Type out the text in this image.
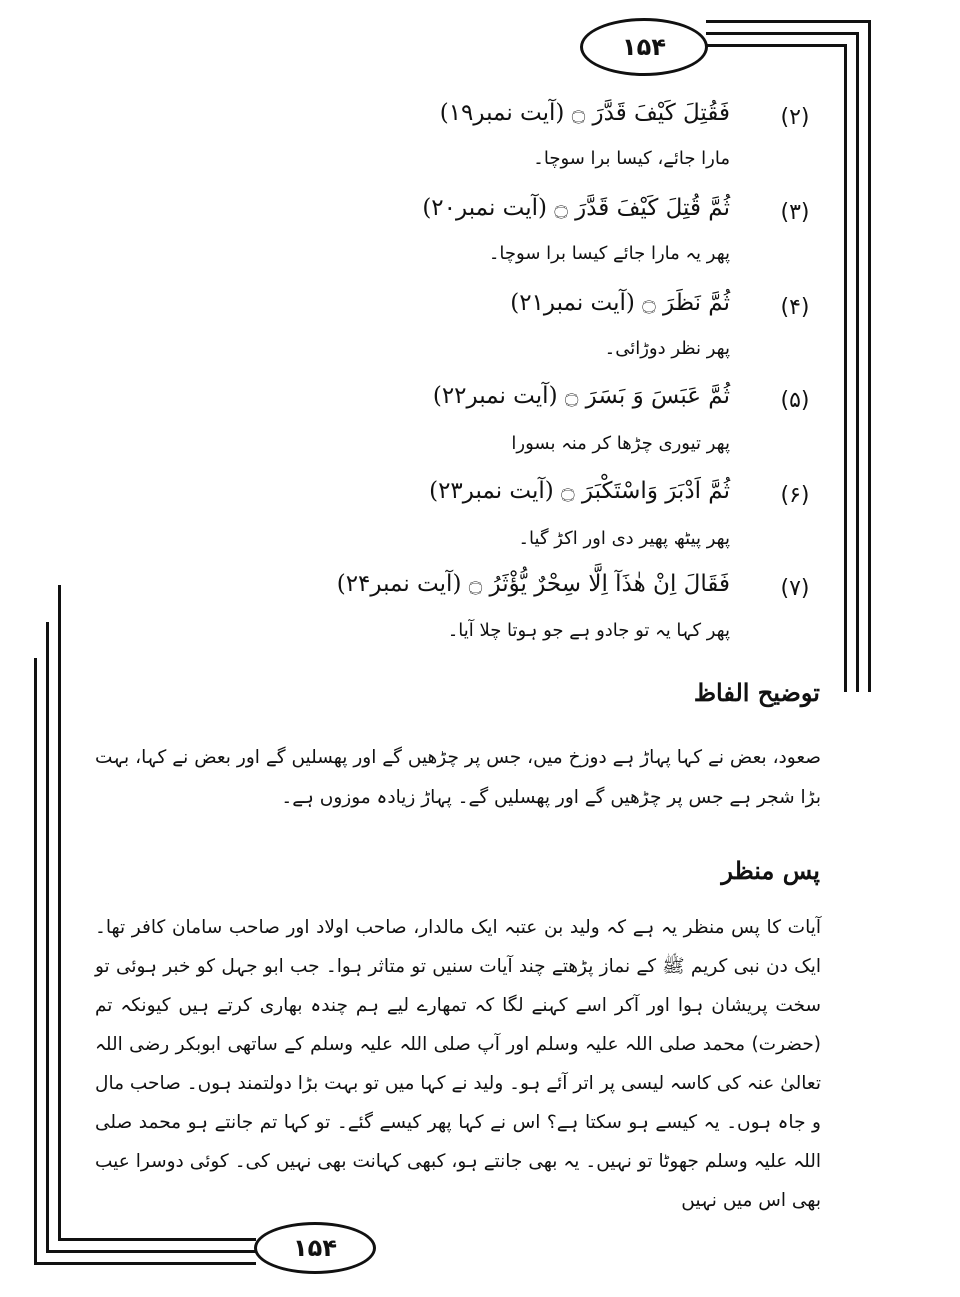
۱۵۴
۱۵۴
(۲)
فَقُتِلَ كَيْفَ قَدَّرَ ۝ (آیت نمبر۱۹)
مارا جائے، کیسا برا سوچا۔
(۳)
ثُمَّ قُتِلَ كَيْفَ قَدَّرَ ۝ (آیت نمبر۲۰)
پھر یہ مارا جائے کیسا برا سوچا۔
(۴)
ثُمَّ نَظَرَ ۝ (آیت نمبر۲۱)
پھر نظر دوڑائی۔
(۵)
ثُمَّ عَبَسَ وَ بَسَرَ ۝ (آیت نمبر۲۲)
پھر تیوری چڑھا کر منہ بسورا
(۶)
ثُمَّ اَدْبَرَ وَاسْتَكْبَرَ ۝ (آیت نمبر۲۳)
پھر پیٹھ پھیر دی اور اکڑ گیا۔
(۷)
فَقَالَ اِنْ هٰذَآ اِلَّا سِحْرٌ يُّؤْثَرُ ۝ (آیت نمبر۲۴)
پھر کہا یہ تو جادو ہے جو ہوتا چلا آیا۔
توضیح الفاظ
صعود، بعض نے کہا پہاڑ ہے دوزخ میں، جس پر چڑھیں گے اور پھسلیں گے اور بعض نے کہا، بہت بڑا شجر ہے جس پر چڑھیں گے اور پھسلیں گے۔ پہاڑ زیادہ موزوں ہے۔
پس منظر
آیات کا پس منظر یہ ہے کہ ولید بن عتبہ ایک مالدار، صاحب اولاد اور صاحب سامان کافر تھا۔ ایک دن نبی کریم ﷺ کے نماز پڑھتے چند آیات سنیں تو متاثر ہوا۔ جب ابو جہل کو خبر ہوئی تو سخت پریشان ہوا اور آکر اسے کہنے لگا کہ تمھارے لیے ہم چندہ بھاری کرتے ہیں کیونکہ تم (حضرت) محمد صلی اللہ علیہ وسلم اور آپ صلی اللہ علیہ وسلم کے ساتھی ابوبکر رضی اللہ تعالیٰ عنہ کی کاسہ لیسی پر اتر آئے ہو۔ ولید نے کہا میں تو بہت بڑا دولتمند ہوں۔ صاحب مال و جاہ ہوں۔ یہ کیسے ہو سکتا ہے؟ اس نے کہا پھر کیسے گئے۔ تو کہا تم جانتے ہو محمد صلی اللہ علیہ وسلم جھوٹا تو نہیں۔ یہ بھی جانتے ہو، کبھی کہانت بھی نہیں کی۔ کوئی دوسرا عیب بھی اس میں نہیں
